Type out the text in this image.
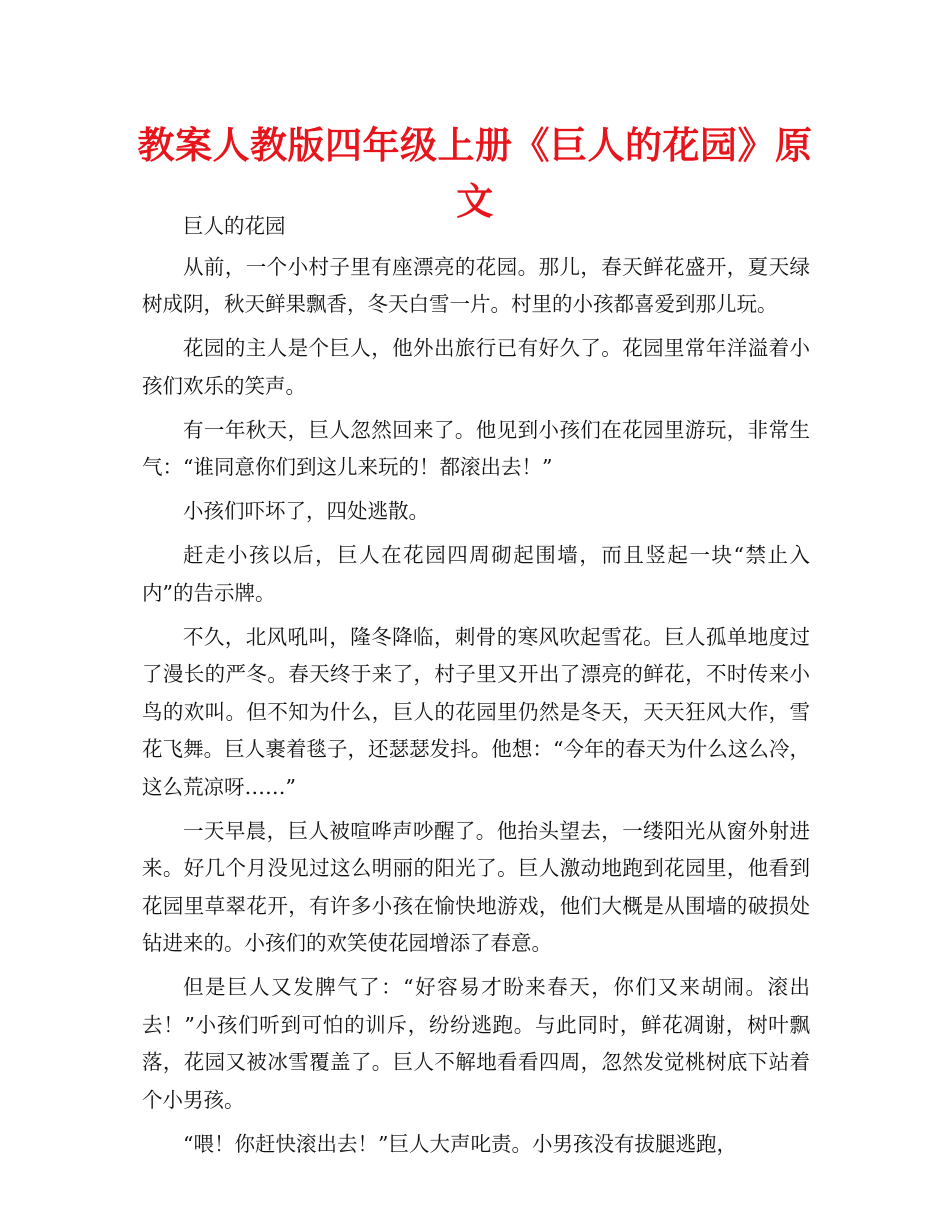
教案人教版四年级上册《巨人的花园》原文

巨人的花园

从前，一个小村子里有座漂亮的花园。那儿，春天鲜花盛开，夏天绿树成阴，秋天鲜果飘香，冬天白雪一片。村里的小孩都喜爱到那儿玩。

花园的主人是个巨人，他外出旅行已有好久了。花园里常年洋溢着小孩们欢乐的笑声。

有一年秋天，巨人忽然回来了。他见到小孩们在花园里游玩，非常生气：“谁同意你们到这儿来玩的！都滚出去！”

小孩们吓坏了，四处逃散。

赶走小孩以后，巨人在花园四周砌起围墙，而且竖起一块“禁止入内”的告示牌。

不久，北风吼叫，隆冬降临，刺骨的寒风吹起雪花。巨人孤单地度过了漫长的严冬。春天终于来了，村子里又开出了漂亮的鲜花，不时传来小鸟的欢叫。但不知为什么，巨人的花园里仍然是冬天，天天狂风大作，雪花飞舞。巨人裹着毯子，还瑟瑟发抖。他想：“今年的春天为什么这么冷，这么荒凉呀……”

一天早晨，巨人被喧哗声吵醒了。他抬头望去，一缕阳光从窗外射进来。好几个月没见过这么明丽的阳光了。巨人激动地跑到花园里，他看到花园里草翠花开，有许多小孩在愉快地游戏，他们大概是从围墙的破损处钻进来的。小孩们的欢笑使花园增添了春意。

但是巨人又发脾气了：“好容易才盼来春天，你们又来胡闹。滚出去！”小孩们听到可怕的训斥，纷纷逃跑。与此同时，鲜花凋谢，树叶飘落，花园又被冰雪覆盖了。巨人不解地看看四周，忽然发觉桃树底下站着个小男孩。

“喂！你赶快滚出去！”巨人大声叱责。小男孩没有拔腿逃跑，
